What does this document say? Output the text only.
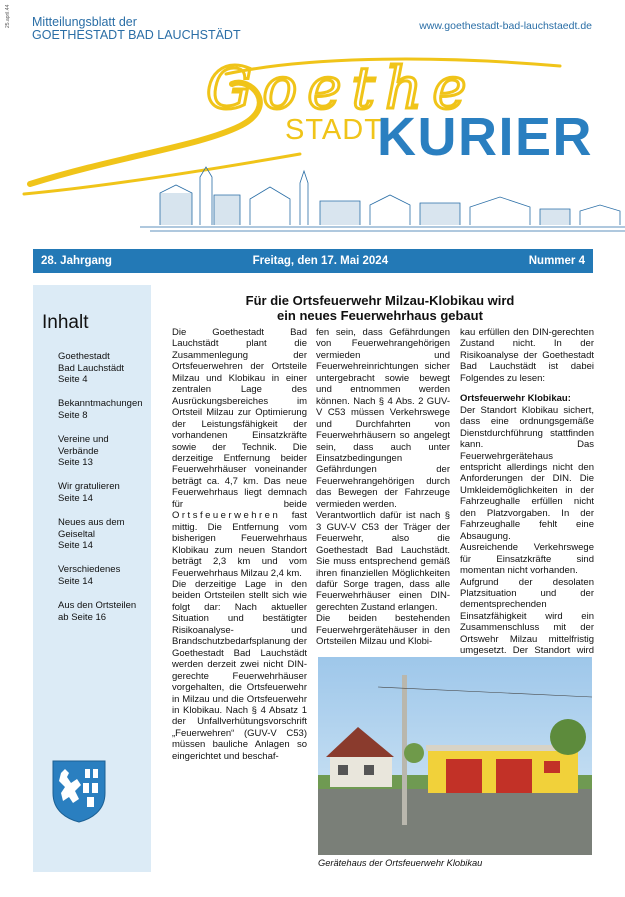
25.april.44 Mitteilungsblatt der
GOETHESTADT BAD LAUCHSTÄDT
www.goethestadt-bad-lauchstaedt.de
Goethe
STADT
KURIER
28. Jahrgang	Freitag, den 17. Mai 2024	Nummer 4
Inhalt
Goethestadt
Bad Lauchstädt
Seite 4
Bekanntmachungen
Seite 8
Vereine und
Verbände
Seite 13
Wir gratulieren
Seite 14
Neues aus dem Geiseltal
Seite 14
Verschiedenes
Seite 14
Aus den Ortsteilen
ab Seite 16
Für die Ortsfeuerwehr Milzau-Klobikau wird
ein neues Feuerwehrhaus gebaut

Die Goethestadt Bad Lauchstädt plant die Zusammenlegung der Ortsfeuerwehren der Ortsteile Milzau und Klobikau in einer zentralen Lage des Ausrückungsbereiches im Ortsteil Milzau zur Optimierung der Leistungsfähigkeit der vorhandenen Einsatzkräfte sowie der Technik. Die derzeitige Entfernung beider Feuerwehrhäuser voneinander beträgt ca. 4,7 km. Das neue Feuerwehrhaus liegt demnach für beide Ortsfeuerwehren fast mittig. Die Entfernung vom bisherigen Feuerwehrhaus Klobikau zum neuen Standort beträgt 2,3 km und vom Feuerwehrhaus Milzau 2,4 km.

Die derzeitige Lage in den beiden Ortsteilen stellt sich wie folgt dar: Nach aktueller Situation und bestätigter Risikoanalyse- und Brandschutzbedarfsplanung der Goethestadt Bad Lauchstädt werden derzeit zwei nicht DIN-gerechte Feuerwehrhäuser vorgehalten, die Ortsfeuerwehr in Milzau und die Ortsfeuerwehr in Klobikau. Nach § 4 Absatz 1 der Unfallverhütungsvorschrift „Feuerwehren“ (GUV-V C53) müssen bauliche Anlagen so eingerichtet und beschaf-

fen sein, dass Gefährdungen von Feuerwehrangehörigen vermieden und Feuerwehreinrichtungen sicher untergebracht sowie bewegt und entnommen werden können. Nach § 4 Abs. 2 GUV-V C53 müssen Verkehrswege und Durchfahrten von Feuerwehrhäusern so angelegt sein, dass auch unter Einsatzbedingungen Gefährdungen der Feuerwehrangehörigen durch das Bewegen der Fahrzeuge vermieden werden.

Verantwortlich dafür ist nach § 3 GUV-V C53 der Träger der Feuerwehr, also die Goethestadt Bad Lauchstädt. Sie muss entsprechend gemäß ihren finanziellen Möglichkeiten dafür Sorge tragen, dass alle Feuerwehrhäuser einen DIN-gerechten Zustand erlangen.

Die beiden bestehenden Feuerwehrgerätehäuser in den Ortsteilen Milzau und Klobi-

kau erfüllen den DIN-gerechten Zustand nicht. In der Risikoanalyse der Goethestadt Bad Lauchstädt ist dabei Folgendes zu lesen:

Ortsfeuerwehr Klobikau:

Der Standort Klobikau sichert, dass eine ordnungsgemäße Dienstdurchführung stattfinden kann. Das Feuerwehrgerätehaus entspricht allerdings nicht den Anforderungen der DIN. Die Umkleidemöglichkeiten in der Fahrzeughalle erfüllen nicht den Platzvorgaben. In der Fahrzeughalle fehlt eine Absaugung.

Ausreichende Verkehrswege für Einsatzkräfte sind momentan nicht vorhanden.

Aufgrund der desolaten Platzsituation und der dementsprechenden Einsatzfähigkeit wird ein Zusammenschluss mit der Ortswehr Milzau mittelfristig umgesetzt. Der Standort wird

Gerätehaus der Ortsfeuerwehr Klobikau
